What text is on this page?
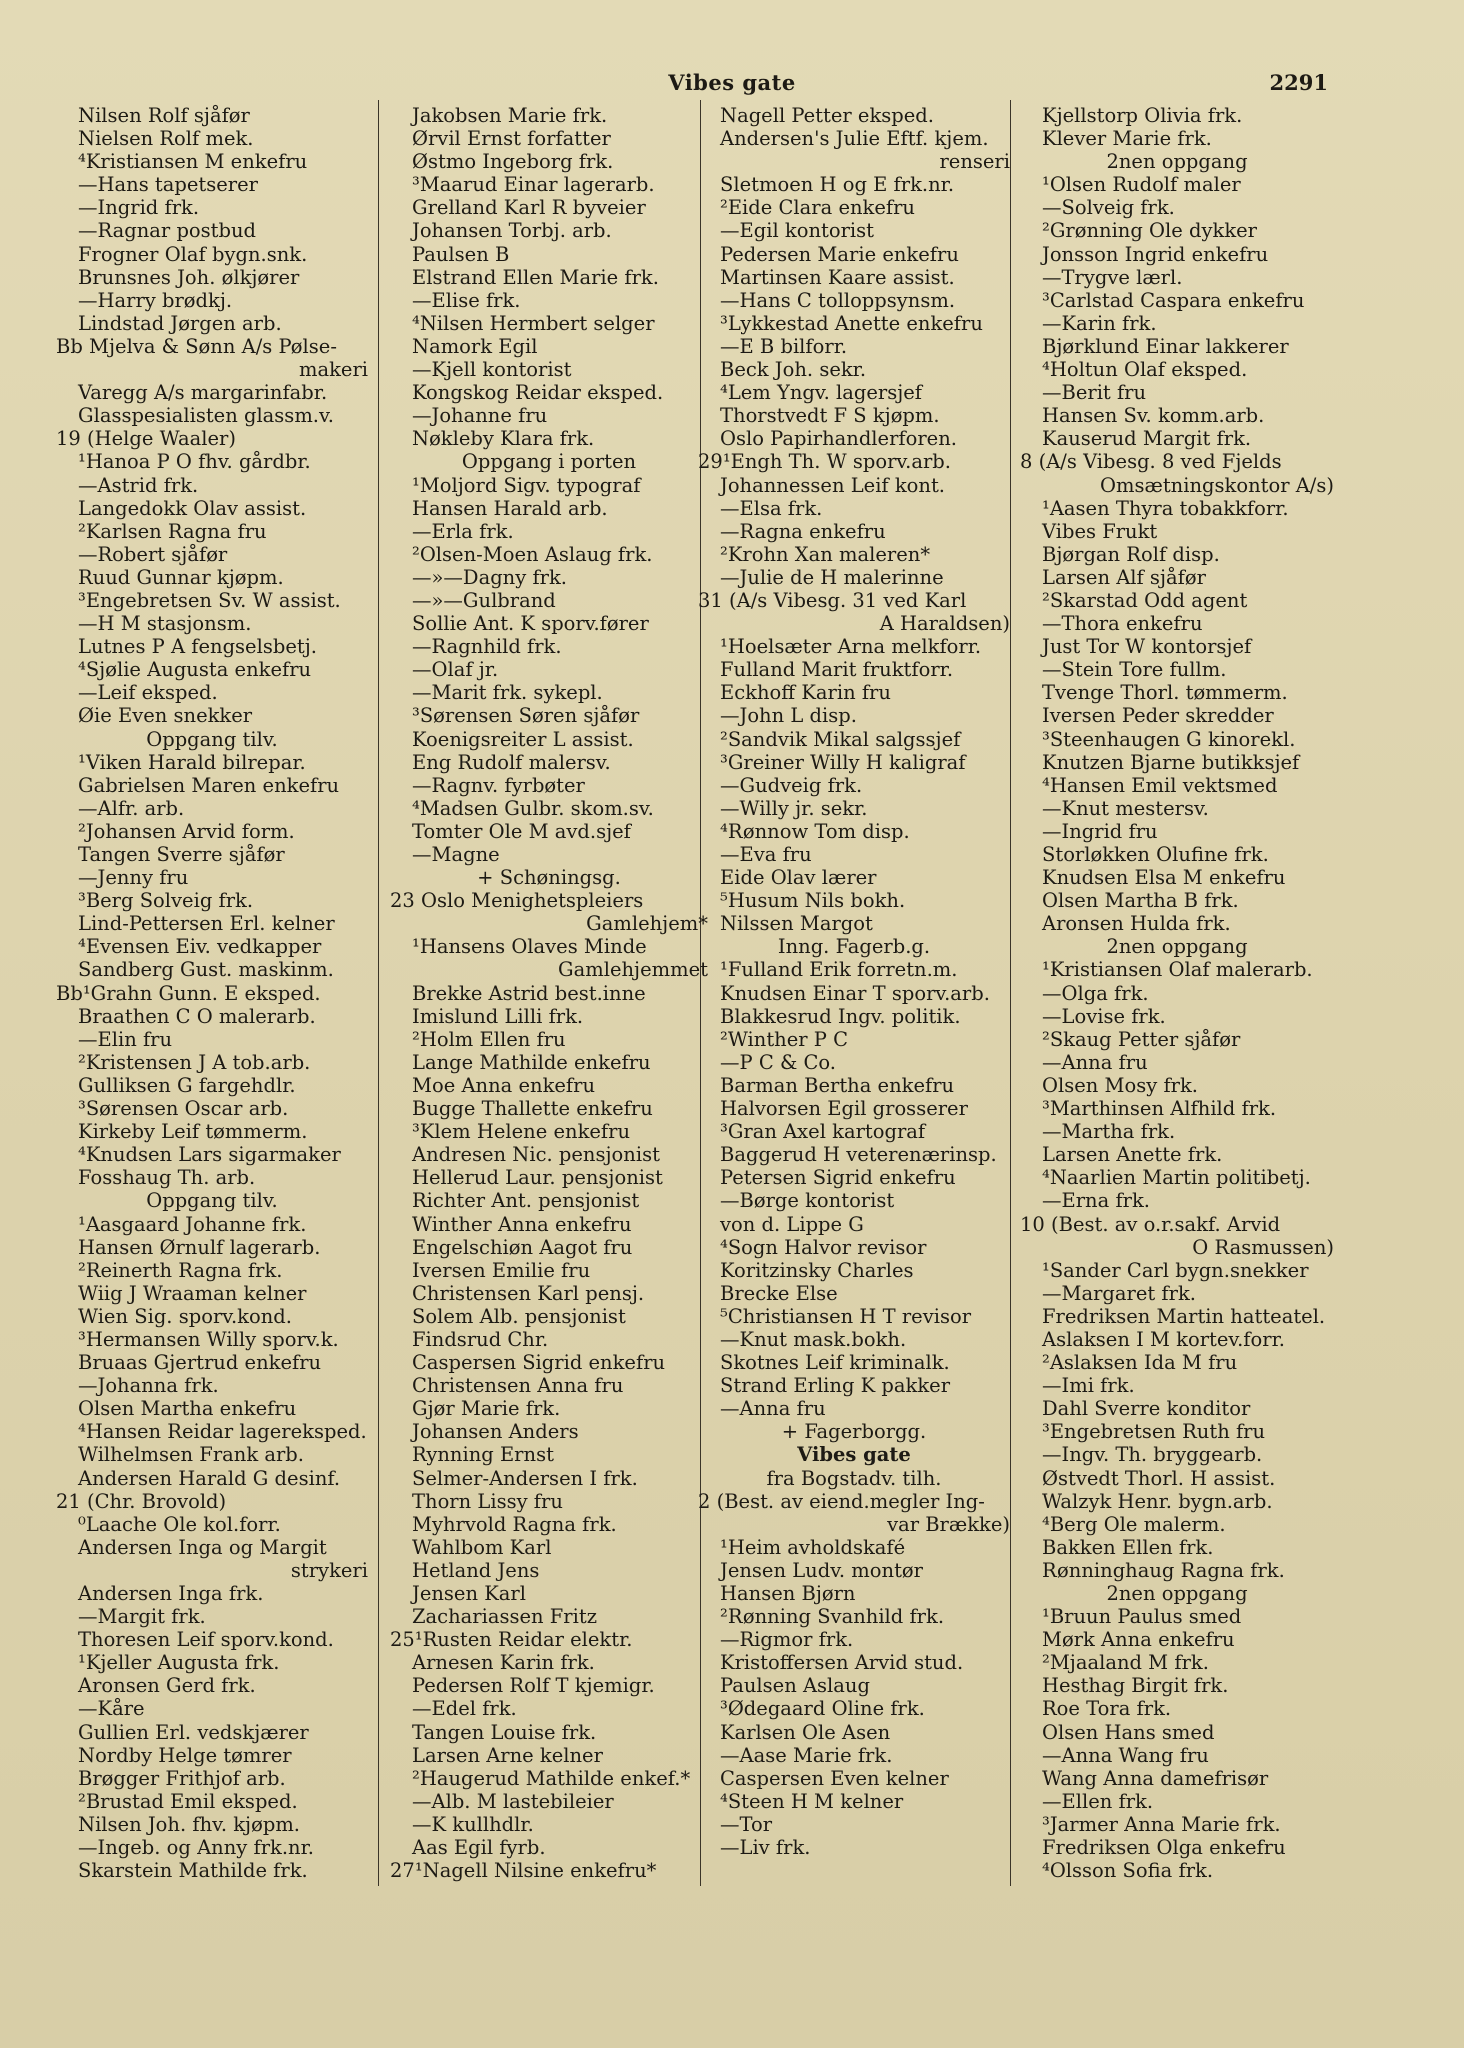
Vibes gate	2291
Nilsen Rolf sjåfør
Nielsen Rolf mek.
⁴Kristiansen M enkefru
—Hans tapetserer
—Ingrid frk.
—Ragnar postbud
Frogner Olaf bygn.snk.
Brunsnes Joh. ølkjører
—Harry brødkj.
Lindstad Jørgen arb.
Bb Mjelva & Sønn A/s Pølse-
makeri
Varegg A/s margarinfabr.
Glasspesialisten glassm.v.
19 (Helge Waaler)
¹Hanoa P O fhv. gårdbr.
—Astrid frk.
Langedokk Olav assist.
²Karlsen Ragna fru
—Robert sjåfør
Ruud Gunnar kjøpm.
³Engebretsen Sv. W assist.
—H M stasjonsm.
Lutnes P A fengselsbetj.
⁴Sjølie Augusta enkefru
—Leif eksped.
Øie Even snekker
Oppgang tilv.
¹Viken Harald bilrepar.
Gabrielsen Maren enkefru
—Alfr. arb.
²Johansen Arvid form.
Tangen Sverre sjåfør
—Jenny fru
³Berg Solveig frk.
Lind-Pettersen Erl. kelner
⁴Evensen Eiv. vedkapper
Sandberg Gust. maskinm.
Bb¹Grahn Gunn. E eksped.
Braathen C O malerarb.
—Elin fru
²Kristensen J A tob.arb.
Gulliksen G fargehdlr.
³Sørensen Oscar arb.
Kirkeby Leif tømmerm.
⁴Knudsen Lars sigarmaker
Fosshaug Th. arb.
Oppgang tilv.
¹Aasgaard Johanne frk.
Hansen Ørnulf lagerarb.
²Reinerth Ragna frk.
Wiig J Wraaman kelner
Wien Sig. sporv.kond.
³Hermansen Willy sporv.k.
Bruaas Gjertrud enkefru
—Johanna frk.
Olsen Martha enkefru
⁴Hansen Reidar lagereksped.
Wilhelmsen Frank arb.
Andersen Harald G desinf.
21 (Chr. Brovold)
⁰Laache Ole kol.forr.
Andersen Inga og Margit
strykeri
Andersen Inga frk.
—Margit frk.
Thoresen Leif sporv.kond.
¹Kjeller Augusta frk.
Aronsen Gerd frk.
—Kåre
Gullien Erl. vedskjærer
Nordby Helge tømrer
Brøgger Frithjof arb.
²Brustad Emil eksped.
Nilsen Joh. fhv. kjøpm.
—Ingeb. og Anny frk.nr.
Skarstein Mathilde frk.
Jakobsen Marie frk.
Ørvil Ernst forfatter
Østmo Ingeborg frk.
³Maarud Einar lagerarb.
Grelland Karl R byveier
Johansen Torbj. arb.
Paulsen B
Elstrand Ellen Marie frk.
—Elise frk.
⁴Nilsen Hermbert selger
Namork Egil
—Kjell kontorist
Kongskog Reidar eksped.
—Johanne fru
Nøkleby Klara frk.
Oppgang i porten
¹Moljord Sigv. typograf
Hansen Harald arb.
—Erla frk.
²Olsen-Moen Aslaug frk.
—»—Dagny frk.
—»—Gulbrand
Sollie Ant. K sporv.fører
—Ragnhild frk.
—Olaf jr.
—Marit frk. sykepl.
³Sørensen Søren sjåfør
Koenigsreiter L assist.
Eng Rudolf malersv.
—Ragnv. fyrbøter
⁴Madsen Gulbr. skom.sv.
Tomter Ole M avd.sjef
—Magne
+ Schøningsg.
23 Oslo Menighetspleiers
Gamlehjem*
¹Hansens Olaves Minde
Gamlehjemmet
Brekke Astrid best.inne
Imislund Lilli frk.
²Holm Ellen fru
Lange Mathilde enkefru
Moe Anna enkefru
Bugge Thallette enkefru
³Klem Helene enkefru
Andresen Nic. pensjonist
Hellerud Laur. pensjonist
Richter Ant. pensjonist
Winther Anna enkefru
Engelschiøn Aagot fru
Iversen Emilie fru
Christensen Karl pensj.
Solem Alb. pensjonist
Findsrud Chr.
Caspersen Sigrid enkefru
Christensen Anna fru
Gjør Marie frk.
Johansen Anders
Rynning Ernst
Selmer-Andersen I frk.
Thorn Lissy fru
Myhrvold Ragna frk.
Wahlbom Karl
Hetland Jens
Jensen Karl
Zachariassen Fritz
25¹Rusten Reidar elektr.
Arnesen Karin frk.
Pedersen Rolf T kjemigr.
—Edel frk.
Tangen Louise frk.
Larsen Arne kelner
²Haugerud Mathilde enkef.*
—Alb. M lastebileier
—K kullhdlr.
Aas Egil fyrb.
27¹Nagell Nilsine enkefru*
Nagell Petter eksped.
Andersen's Julie Eftf. kjem.
renseri
Sletmoen H og E frk.nr.
²Eide Clara enkefru
—Egil kontorist
Pedersen Marie enkefru
Martinsen Kaare assist.
—Hans C tolloppsynsm.
³Lykkestad Anette enkefru
—E B bilforr.
Beck Joh. sekr.
⁴Lem Yngv. lagersjef
Thorstvedt F S kjøpm.
Oslo Papirhandlerforen.
29¹Engh Th. W sporv.arb.
Johannessen Leif kont.
—Elsa frk.
—Ragna enkefru
²Krohn Xan maleren*
—Julie de H malerinne
31 (A/s Vibesg. 31 ved Karl
A Haraldsen)
¹Hoelsæter Arna melkforr.
Fulland Marit fruktforr.
Eckhoff Karin fru
—John L disp.
²Sandvik Mikal salgssjef
³Greiner Willy H kaligraf
—Gudveig frk.
—Willy jr. sekr.
⁴Rønnow Tom disp.
—Eva fru
Eide Olav lærer
⁵Husum Nils bokh.
Nilssen Margot
Inng. Fagerb.g.
¹Fulland Erik forretn.m.
Knudsen Einar T sporv.arb.
Blakkesrud Ingv. politik.
²Winther P C
—P C & Co.
Barman Bertha enkefru
Halvorsen Egil grosserer
³Gran Axel kartograf
Baggerud H veterenærinsp.
Petersen Sigrid enkefru
—Børge kontorist
von d. Lippe G
⁴Sogn Halvor revisor
Koritzinsky Charles
Brecke Else
⁵Christiansen H T revisor
—Knut mask.bokh.
Skotnes Leif kriminalk.
Strand Erling K pakker
—Anna fru
+ Fagerborgg.
Vibes gate
fra Bogstadv. tilh.
2 (Best. av eiend.megler Ing-
var Brække)
¹Heim avholdskafé
Jensen Ludv. montør
Hansen Bjørn
²Rønning Svanhild frk.
—Rigmor frk.
Kristoffersen Arvid stud.
Paulsen Aslaug
³Ødegaard Oline frk.
Karlsen Ole Asen
—Aase Marie frk.
Caspersen Even kelner
⁴Steen H M kelner
—Tor
—Liv frk.
Kjellstorp Olivia frk.
Klever Marie frk.
2nen oppgang
¹Olsen Rudolf maler
—Solveig frk.
²Grønning Ole dykker
Jonsson Ingrid enkefru
—Trygve lærl.
³Carlstad Caspara enkefru
—Karin frk.
Bjørklund Einar lakkerer
⁴Holtun Olaf eksped.
—Berit fru
Hansen Sv. komm.arb.
Kauserud Margit frk.
8 (A/s Vibesg. 8 ved Fjelds
Omsætningskontor A/s)
¹Aasen Thyra tobakkforr.
Vibes Frukt
Bjørgan Rolf disp.
Larsen Alf sjåfør
²Skarstad Odd agent
—Thora enkefru
Just Tor W kontorsjef
—Stein Tore fullm.
Tvenge Thorl. tømmerm.
Iversen Peder skredder
³Steenhaugen G kinorekl.
Knutzen Bjarne butikksjef
⁴Hansen Emil vektsmed
—Knut mestersv.
—Ingrid fru
Storløkken Olufine frk.
Knudsen Elsa M enkefru
Olsen Martha B frk.
Aronsen Hulda frk.
2nen oppgang
¹Kristiansen Olaf malerarb.
—Olga frk.
—Lovise frk.
²Skaug Petter sjåfør
—Anna fru
Olsen Mosy frk.
³Marthinsen Alfhild frk.
—Martha frk.
Larsen Anette frk.
⁴Naarlien Martin politibetj.
—Erna frk.
10 (Best. av o.r.sakf. Arvid
O Rasmussen)
¹Sander Carl bygn.snekker
—Margaret frk.
Fredriksen Martin hatteatel.
Aslaksen I M kortev.forr.
²Aslaksen Ida M fru
—Imi frk.
Dahl Sverre konditor
³Engebretsen Ruth fru
—Ingv. Th. bryggearb.
Østvedt Thorl. H assist.
Walzyk Henr. bygn.arb.
⁴Berg Ole malerm.
Bakken Ellen frk.
Rønninghaug Ragna frk.
2nen oppgang
¹Bruun Paulus smed
Mørk Anna enkefru
²Mjaaland M frk.
Hesthag Birgit frk.
Roe Tora frk.
Olsen Hans smed
—Anna Wang fru
Wang Anna damefrisør
—Ellen frk.
³Jarmer Anna Marie frk.
Fredriksen Olga enkefru
⁴Olsson Sofia frk.
